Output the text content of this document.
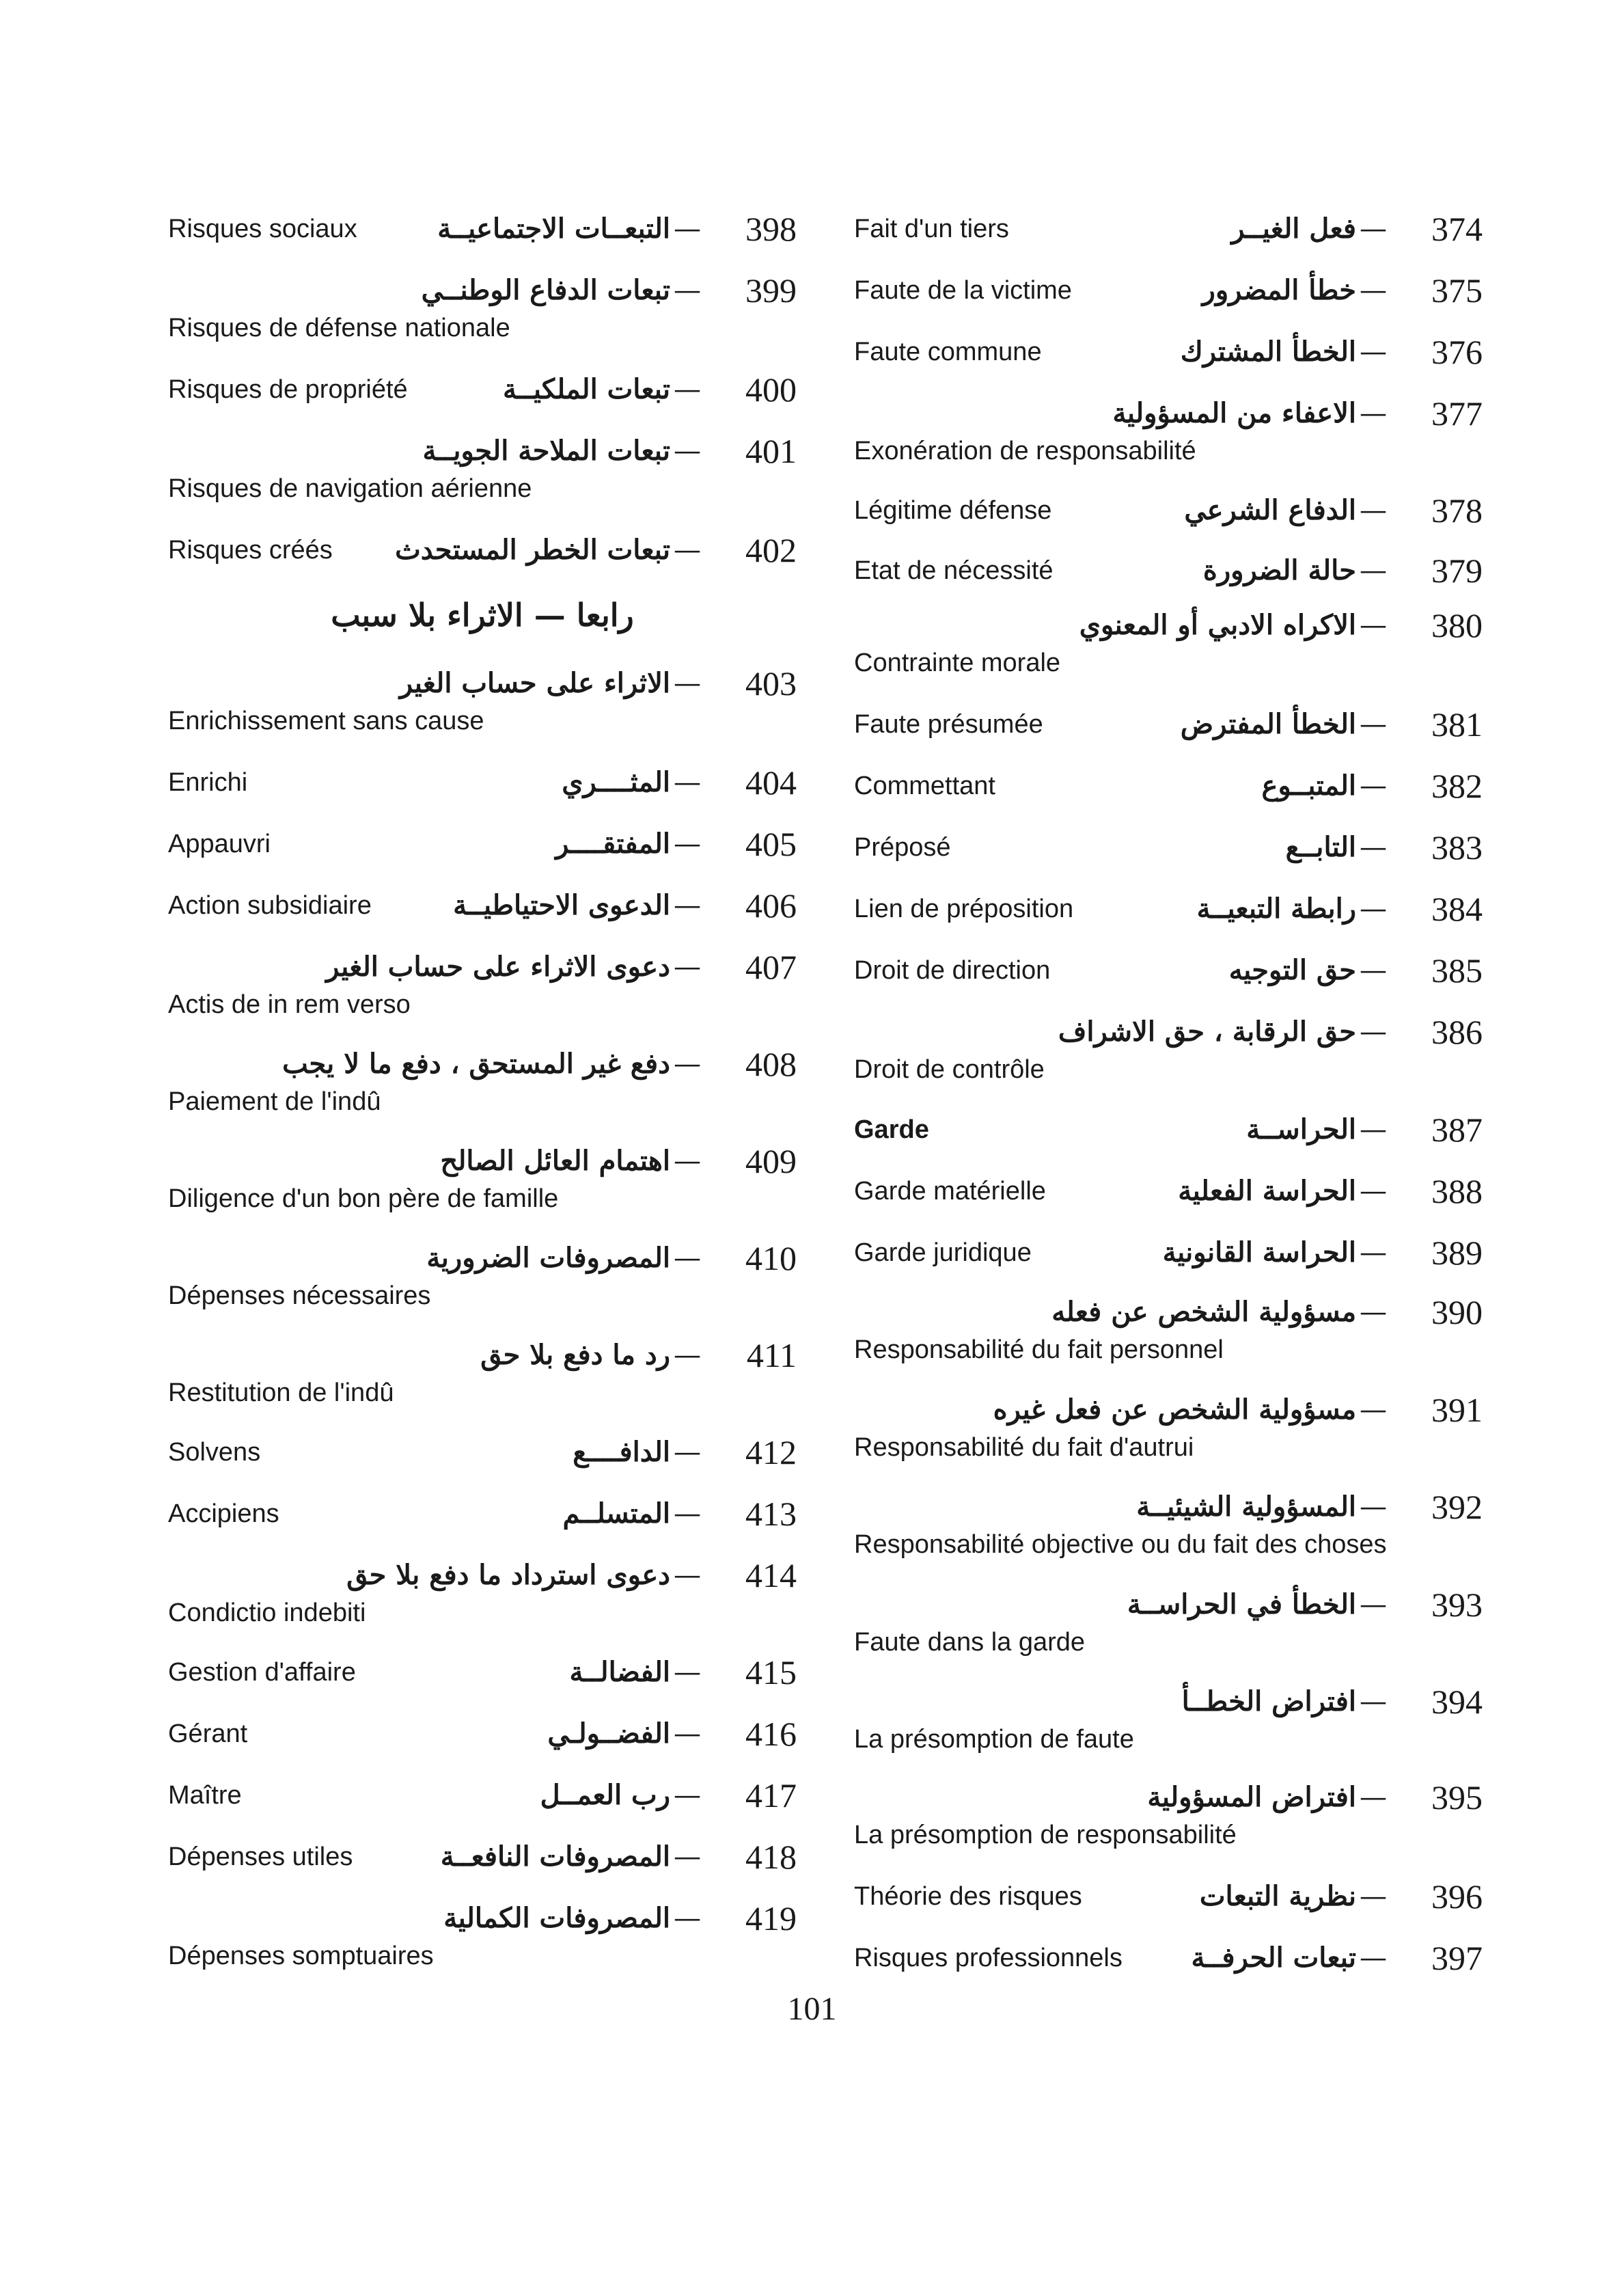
Risques sociaux	التبعــات الاجتماعيــة —	398
تبعات الدفاع الوطنــي —	399
Risques de défense nationale
Risques de propriété	تبعات الملكيــة —	400
تبعات الملاحة الجويــة —	401
Risques de navigation aérienne
Risques créés تبعات الخطر المستحدث —	402
رابعا — الاثراء بلا سبب
الاثراء على حساب الغير —	403
Enrichissement sans cause
Enrichi	المثــــري —	404
Appauvri	المفتقــــر —	405
Action subsidiaire	الدعوى الاحتياطيــة —	406
دعوى الاثراء على حساب الغير —	407
Actis de in rem verso
دفع غير المستحق ، دفع ما لا يجب —	408
Paiement de l'indû
اهتمام العائل الصالح —	409
Diligence d'un bon père de famille
المصروفات الضرورية —	410
Dépenses nécessaires
رد ما دفع بلا حق —	411
Restitution de l'indû
Solvens	الدافــــع —	412
Accipiens	المتسلــم —	413
دعوى استرداد ما دفع بلا حق —	414
Condictio indebiti
Gestion d'affaire	الفضالــة —	415
Gérant	الفضــولـي —	416
Maître	رب العمــل —	417
Dépenses utiles	المصروفات النافعــة —	418
المصروفات الكمالية —	419
Dépenses somptuaires
Fait d'un tiers	فعل الغيــر —	374
Faute de la victime	خطأ المضرور —	375
Faute commune	الخطأ المشترك —	376
الاعفاء من المسؤولية —	377
Exonération de responsabilité
Légitime défense	الدفاع الشرعي —	378
Etat de nécessité	حالة الضرورة —	379
الاكراه الادبي أو المعنوي —	380
Contrainte morale
Faute présumée	الخطأ المفترض —	381
Commettant	المتبــوع —	382
Préposé	التابــع —	383
Lien de préposition	رابطة التبعيــة —	384
Droit de direction	حق التوجيه —	385
حق الرقابة ، حق الاشراف —	386
Droit de contrôle
Garde	الحراســة —	387
Garde matérielle	الحراسة الفعلية —	388
Garde juridique	الحراسة القانونية —	389
مسؤولية الشخص عن فعله —	390
Responsabilité du fait personnel
مسؤولية الشخص عن فعل غيره —	391
Responsabilité du fait d'autrui
المسؤولية الشيئيــة —	392
Responsabilité objective ou du fait des choses
الخطأ في الحراســة —	393
Faute dans la garde
افتراض الخطــأ —	394
La présomption de faute
افتراض المسؤولية —	395
La présomption de responsabilité
Théorie des risques	نظرية التبعات —	396
Risques professionnels	تبعات الحرفــة —	397
101
